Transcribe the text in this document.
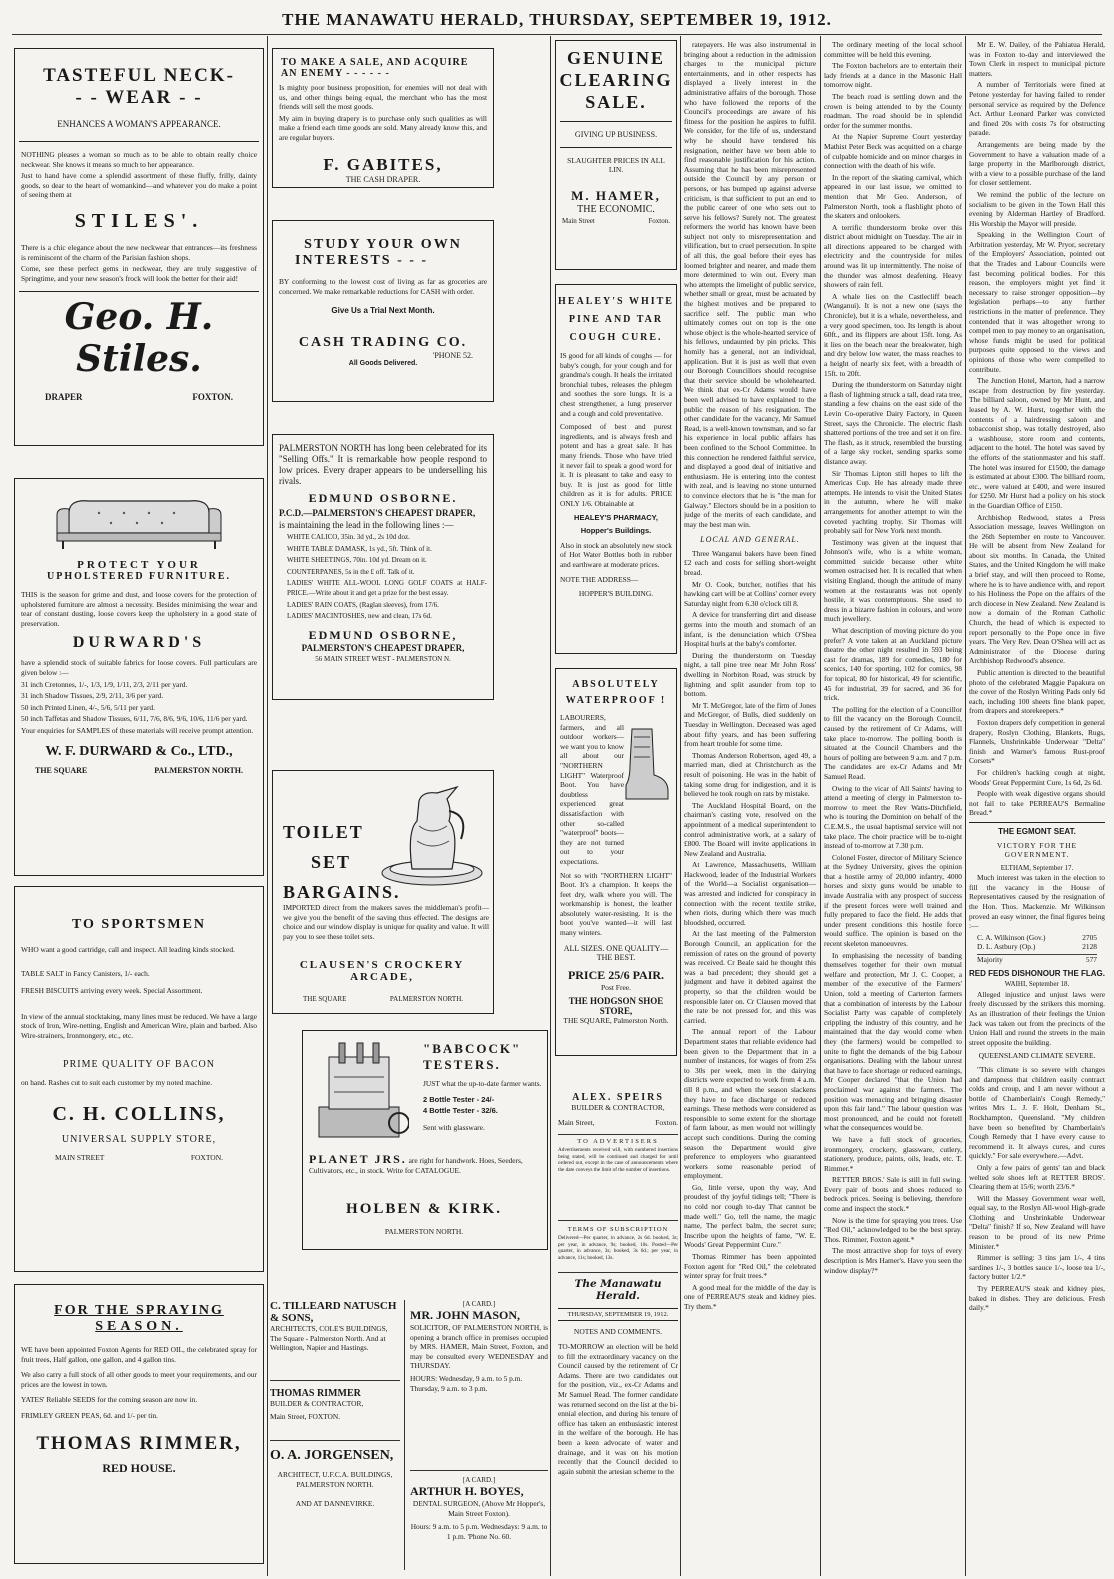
THE MANAWATU HERALD, THURSDAY, SEPTEMBER 19, 1912.
TASTEFUL NECK-
- - WEAR - -
ENHANCES A WOMAN'S APPEARANCE.
NOTHING pleases a woman so much as to be able to obtain really choice neckwear. She knows it means so much to her appearance.
Just to hand have come a splendid assortment of these fluffy, frilly, dainty goods, so dear to the heart of womankind—and whatever you do make a point of seeing them at
STILES'.
There is a chic elegance about the new neckwear that entrances—its freshness is reminiscent of the charm of the Parisian fashion shops.
Come, see these perfect gems in neckwear, they are truly suggestive of Springtime, and your new season's frock will look the better for their aid!
Geo. H. Stiles.
DRAPER	FOXTON.
PROTECT YOUR
UPHOLSTERED FURNITURE.
THIS is the season for grime and dust, and loose covers for the protection of upholstered furniture are almost a necessity. Besides minimising the wear and tear of constant dusting, loose covers keep the upholstery in a good state of preservation.
DURWARD'S
have a splendid stock of suitable fabrics for loose covers. Full particulars are given below :—
31 inch Cretonnes, 1/-, 1/3, 1/9, 1/11, 2/3, 2/11 per yard.
31 inch Shadow Tissues, 2/9, 2/11, 3/6 per yard.
50 inch Printed Linen, 4/-, 5/6, 5/11 per yard.
50 inch Taffetas and Shadow Tissues, 6/11, 7/6, 8/6, 9/6, 10/6, 11/6 per yard.
Your enquiries for SAMPLES of these materials will receive prompt attention.
W. F. DURWARD & Co., LTD.,
THE SQUARE	PALMERSTON NORTH.
TO SPORTSMEN
WHO want a good cartridge, call and inspect. All leading kinds stocked.
TABLE SALT in Fancy Canisters, 1/- each.
FRESH BISCUITS arriving every week. Special Assortment.
In view of the annual stocktaking, many lines must be reduced. We have a large stock of Iron, Wire-netting, English and American Wire, plain and barbed. Also Wire-strainers, Ironmongery, etc., etc.
PRIME QUALITY OF BACON
on hand. Rashes cut to suit each customer by my noted machine.
C. H. COLLINS,
UNIVERSAL SUPPLY STORE,
MAIN STREET	FOXTON.
FOR THE SPRAYING
SEASON.
WE have been appointed Foxton Agents for RED OIL, the celebrated spray for fruit trees, Half gallon, one gallon, and 4 gallon tins.
We also carry a full stock of all other goods to meet your requirements, and our prices are the lowest in town.
YATES' Reliable SEEDS for the coming season are now in.
FRIMLEY GREEN PEAS, 6d. and 1/- per tin.
THOMAS RIMMER,
RED HOUSE.
TO MAKE A SALE, AND ACQUIRE AN ENEMY - - - - - -
Is mighty poor business proposition, for enemies will not deal with us, and other things being equal, the merchant who has the most friends will sell the most goods.
My aim in buying drapery is to purchase only such qualities as will make a friend each time goods are sold. Many already know this, and are regular buyers.
F. GABITES,
THE CASH DRAPER.
STUDY YOUR OWN
INTERESTS - - -
BY conforming to the lowest cost of living as far as groceries are concerned. We make remarkable reductions for CASH with order.
Give Us a Trial Next Month.
CASH TRADING CO.
'PHONE 52.
All Goods Delivered.
PALMERSTON NORTH has long been celebrated for its "Selling Offs." It is remarkable how people respond to low prices. Every draper appears to be underselling his rivals.
EDMUND OSBORNE.
P.C.D.—PALMERSTON'S CHEAPEST DRAPER,
is maintaining the lead in the following lines :—
WHITE CALICO, 35in. 3d yd., 2s 10d doz.
WHITE TABLE DAMASK, 1s yd., 5ft. Think of it.
WHITE SHEETINGS, 70in. 10d yd. Dream on it.
COUNTERPANES, 5s in the £ off. Talk of it.
LADIES' WHITE ALL-WOOL LONG GOLF COATS at HALF-PRICE.—Write about it and get a prize for the best essay.
LADIES' RAIN COATS, (Raglan sleeves), from 17/6.
LADIES' MACINTOSHES, new and clean, 17s 6d.
EDMUND OSBORNE,
PALMERSTON'S CHEAPEST DRAPER,
56 MAIN STREET WEST - PALMERSTON N.
TOILET
SET
BARGAINS.
IMPORTED direct from the makers saves the middleman's profit—we give you the benefit of the saving thus effected. The designs are choice and our window display is unique for quality and value. It will pay you to see these toilet sets.
CLAUSEN'S CROCKERY ARCADE,
THE SQUARE	PALMERSTON NORTH.
"BABCOCK" TESTERS.
JUST what the up-to-date farmer wants.
2 Bottle Tester - 24/-
4 Bottle Tester - 32/6.
Sent with glassware.
PLANET JRS. are right for handwork. Hoes, Seeders, Cultivators, etc., in stock. Write for CATALOGUE.
HOLBEN & KIRK.
PALMERSTON NORTH.
C. TILLEARD NATUSCH & SONS,
ARCHITECTS, COLE'S BUILDINGS, The Square - Palmerston North. And at Wellington, Napier and Hastings.
THOMAS RIMMER
BUILDER & CONTRACTOR,
Main Street, FOXTON.
O. A. JORGENSEN,
ARCHITECT, U.F.C.A. BUILDINGS, PALMERSTON NORTH.
AND AT DANNEVIRKE.
[A CARD.]
MR. JOHN MASON,
SOLICITOR, OF PALMERSTON NORTH, is opening a branch office in premises occupied by MRS. HAMER, Main Street, Foxton, and may be consulted every WEDNESDAY and THURSDAY.
HOURS: Wednesday, 9 a.m. to 5 p.m. Thursday, 9 a.m. to 3 p.m.
[A CARD.]
ARTHUR H. BOYES,
DENTAL SURGEON, (Above Mr Hopper's, Main Street Foxton).
Hours: 9 a.m. to 5 p.m. Wednesdays: 9 a.m. to 1 p.m. 'Phone No. 60.
GENUINE CLEARING SALE.
GIVING UP BUSINESS.
SLAUGHTER PRICES IN ALL LIN.
M. HAMER,
THE ECONOMIC.
Main Street	Foxton.
HEALEY'S WHITE PINE AND TAR COUGH CURE.
IS good for all kinds of coughs — for baby's cough, for your cough and for grandma's cough. It heals the irritated bronchial tubes, releases the phlegm and soothes the sore lungs. It is a chest strengthener, a lung preserver and a cough and cold preventative.
Composed of best and purest ingredients, and is always fresh and potent and has a great sale. It has many friends. Those who have tried it never fail to speak a good word for it. It is pleasant to take and easy to buy. It is just as good for little children as it is for adults. PRICE ONLY 1/6. Obtainable at
HEALEY'S PHARMACY,
Hopper's Buildings.
Also in stock an absolutely new stock of Hot Water Bottles both in rubber and earthware at moderate prices.
NOTE THE ADDRESS—
HOPPER'S BUILDING.
ABSOLUTELY WATERPROOF !
LABOURERS, farmers, and all outdoor workers—we want you to know all about our "NORTHERN LIGHT" Waterproof Boot. You have doubtless experienced great dissatisfaction with other so-called "waterproof" boots—they are not turned out to your expectations.
Not so with "NORTHERN LIGHT" Boot. It's a champion. It keeps the feet dry, walk where you will. The workmanship is honest, the leather absolutely water-resisting. It is the boot you've wanted—it will last many winters.
ALL SIZES. ONE QUALITY—THE BEST.
PRICE 25/6 PAIR.
Post Free.
THE HODGSON SHOE STORE,
THE SQUARE, Palmerston North.
ALEX. SPEIRS
BUILDER & CONTRACTOR,
Main Street,	Foxton.
TO ADVERTISERS
Advertisements received will, with numbered insertions being stated, will be continued and charged for until ordered out, except in the case of announcements where the date conveys the limit of the number of insertions.
TERMS OF SUBSCRIPTION
Delivered—Per quarter, in advance, 2s 6d. booked, 3s; per year, in advance, 9s; booked, 10s. Posted—Per quarter, in advance, 3s; booked, 3s 6d.; per year, in advance, 11s; booked, 13s.
The Manawatu Herald.
THURSDAY, SEPTEMBER 19, 1912.
NOTES AND COMMENTS.
TO-MORROW an election will be held to fill the extraordinary vacancy on the Council caused by the retirement of Cr Adams. There are two candidates out for the position, viz., ex-Cr Adams and Mr Samuel Read. The former candidate was returned second on the list at the bi-ennial election, and during his tenure of office has taken an enthusiastic interest in the welfare of the borough. He has been a keen advocate of water and drainage, and it was on his motion recently that the Council decided to again submit the artesian scheme to the

ratepayers. He was also instrumental in bringing about a reduction in the admission charges to the municipal picture entertainments, and in other respects has displayed a lively interest in the administrative affairs of the borough. Those who have followed the reports of the Council's proceedings are aware of his fitness for the position he aspires to fulfil. We consider, for the life of us, understand why he should have tendered his resignation, neither have we been able to find reasonable justification for his action. Assuming that he has been misrepresented outside the Council by any person or persons, or has bumped up against adverse criticism, is that sufficient to put an end to the public career of one who sets out to serve his fellows? Surely not. The greatest reformers the world has known have been subject not only to misrepresentation and vilification, but to cruel persecution. In spite of all this, the goal before their eyes has loomed brighter and nearer, and made them more determined to win out. Every man who attempts the limelight of public service, whether small or great, must be actuated by the highest motives and be prepared to sacrifice self. The public man who ultimately comes out on top is the one whose object is the whole-hearted service of his fellows, undaunted by pin pricks. This homily has a general, not an individual, application. But it is just as well that even our Borough Councillors should recognise that their service should be wholehearted. We think that ex-Cr Adams would have been well advised to have explained to the public the reason of his resignation. The other candidate for the vacancy, Mr Samuel Read, is a well-known townsman, and so far his experience in local public affairs has been confined to the School Committee. In this connection he rendered faithful service, and displayed a good deal of initiative and enthusiasm. He is entering into the contest with zeal, and is leaving no stone unturned to convince electors that he is "the man for Galway." Electors should be in a position to judge of the merits of each candidate, and may the best man win.

LOCAL AND GENERAL.

Three Wanganui bakers have been fined £2 each and costs for selling short-weight bread.

Mr O. Cook, butcher, notifies that his hawking cart will be at Collins' corner every Saturday night from 6.30 o'clock till 8.

A device for transferring dirt and disease germs into the mouth and stomach of an infant, is the denunciation which O'Shea Hospital hurls at the baby's comforter.

During the thunderstorm on Tuesday night, a tall pine tree near Mr John Ross' dwelling in Norbiton Road, was struck by lightning and split asunder from top to bottom.

Mr T. McGregor, late of the firm of Jones and McGregor, of Bulls, died suddenly on Tuesday in Wellington. Deceased was aged about fifty years, and has been suffering from heart trouble for some time.

Thomas Anderson Robertson, aged 49, a married man, died at Christchurch as the result of poisoning. He was in the habit of taking some drug for indigestion, and it is believed he took rough on rats by mistake.

The Auckland Hospital Board, on the chairman's casting vote, resolved on the appointment of a medical superintendent to control administrative work, at a salary of £800. The Board will invite applications in New Zealand and Australia.

At Lawrence, Massachusetts, William Hackwood, leader of the Industrial Workers of the World—a Socialist organisation—was arrested and indicted for conspiracy in connection with the recent textile strike, when riots, during which there was much bloodshed, occurred.

At the last meeting of the Palmerston Borough Council, an application for the remission of rates on the ground of poverty was received. Cr Beale said he thought this was a bad precedent; they should get a judgment and have it debited against the property, so that the children would be responsible later on. Cr Clausen moved that the rate be not pressed for, and this was carried.

The annual report of the Labour Department states that reliable evidence had been given to the Department that in a number of instances, for wages of from 25s to 30s per week, men in the dairying districts were expected to work from 4 a.m. till 8 p.m., and when the season slackens they have to face discharge or reduced earnings. These methods were considered as responsible to some extent for the shortage of farm labour, as men would not willingly accept such conditions. During the coming season the Department would give preference to employers who guaranteed workers some reasonable period of employment.

Go, little verse, upon thy way, And proudest of thy joyful tidings tell; "There is no cold nor cough to-day That cannot be made well." Go, tell the name, the magic name, The perfect balm, the secret sure; Inscribe upon the heights of fame, "W. E. Woods' Great Peppermint Cure."

Thomas Rimmer has been appointed Foxton agent for "Red Oil," the celebrated winter spray for fruit trees.*

A good meal for the middle of the day is one of PERREAU'S steak and kidney pies. Try them.*

The ordinary meeting of the local school committee will be held this evening.

The Foxton bachelors are to entertain their lady friends at a dance in the Masonic Hall tomorrow night.

The beach road is settling down and the crown is being attended to by the County roadman. The road should be in splendid order for the summer months.

At the Napier Supreme Court yesterday Mathist Peter Beck was acquitted on a charge of culpable homicide and on minor charges in connection with the death of his wife.

In the report of the skating carnival, which appeared in our last issue, we omitted to mention that Mr Geo. Anderson, of Palmerston North, took a flashlight photo of the skaters and onlookers.

A terrific thunderstorm broke over this district about midnight on Tuesday. The air in all directions appeared to be charged with electricity and the countryside for miles around was lit up intermittently. The noise of the thunder was almost deafening. Heavy showers of rain fell.

A whale lies on the Castlecliff beach (Wanganui). It is not a new one (says the Chronicle), but it is a whale, nevertheless, and a very good specimen, too. Its length is about 60ft., and its flippers are about 15ft. long. As it lies on the beach near the breakwater, high and dry below low water, the mass reaches to a height of nearly six feet, with a breadth of 15ft. to 20ft.

During the thunderstorm on Saturday night a flash of lightning struck a tall, dead rata tree, standing a few chains on the east side of the Levin Co-operative Dairy Factory, in Queen Street, says the Chronicle. The electric flash shattered portions of the tree and set it on fire. The flash, as it struck, resembled the bursting of a large sky rocket, sending sparks some distance away.

Sir Thomas Lipton still hopes to lift the Americas Cup. He has already made three attempts. He intends to visit the United States in the autumn, where he will make arrangements for another attempt to win the coveted yachting trophy. Sir Thomas will probably sail for New York next month.

Testimony was given at the inquest that Johnson's wife, who is a white woman, committed suicide because other white women ostracised her. It is recalled that when visiting England, though the attitude of many women at the restaurants was not openly hostile, it was contemptuous. She used to dress in a bizarre fashion in colours, and wore much jewellery.

What description of moving picture do you prefer? A vote taken at an Auckland picture theatre the other night resulted in 593 being cast for dramas, 189 for comedies, 180 for scenics, 140 for sporting, 102 for comics, 98 for topical, 80 for historical, 49 for scientific, 45 for industrial, 39 for sacred, and 36 for trick.

The polling for the election of a Councillor to fill the vacancy on the Borough Council, caused by the retirement of Cr Adams, will take place to-morrow. The polling booth is situated at the Council Chambers and the hours of polling are between 9 a.m. and 7 p.m. The candidates are ex-Cr Adams and Mr Samuel Read.

Owing to the vicar of All Saints' having to attend a meeting of clergy in Palmerston to-morrow to meet the Rev Watts-Ditchfield, who is touring the Dominion on behalf of the C.E.M.S., the usual baptismal service will not take place. The choir practice will be to-night instead of to-morrow at 7.30 p.m.

Colonel Foster, director of Military Science at the Sydney University, gives the opinion that a hostile army of 20,000 infantry, 4000 horses and sixty guns would be unable to invade Australia with any prospect of success if the present forces were well trained and fully prepared to face the field. He adds that under present conditions this hostile force would suffice. The opinion is based on the recent skeleton manoeuvres.

In emphasising the necessity of banding themselves together for their own mutual welfare and protection, Mr J. C. Cooper, a member of the executive of the Farmers' Union, told a meeting of Carterton farmers that a combination of interests by the Labour Socialist Party was capable of completely crippling the industry of this country, and he maintained that the day would come when they (the farmers) would be compelled to unite to fight the demands of the big Labour organisations. Dealing with the labour unrest that have to face shortage or reduced earnings, Mr Cooper declared "that the Union had proclaimed war against the farmers. The position was menacing and bringing disaster upon this fair land." The labour question was most pronounced, and he could not foretell what the consequences would be.

We have a full stock of groceries, ironmongery, crockery, glassware, cutlery, stationery, produce, paints, oils, leads, etc. T. Rimmer.*

RETTER BROS.' Sale is still in full swing. Every pair of boots and shoes reduced to bedrock prices. Seeing is believing, therefore come and inspect the stock.*

Now is the time for spraying you trees. Use "Red Oil," acknowledged to be the best spray. Thos. Rimmer, Foxton agent.*

The most attractive shop for toys of every description is Mrs Hamer's. Have you seen the window display?*

Mr E. W. Dailey, of the Pahiatua Herald, was in Foxton to-day and interviewed the Town Clerk in respect to municipal picture matters.

A number of Territorials were fined at Petone yesterday for having failed to render personal service as required by the Defence Act. Arthur Leonard Parker was convicted and fined 20s with costs 7s for obstructing parade.

Arrangements are being made by the Government to have a valuation made of a large property in the Marlborough district, with a view to a possible purchase of the land for closer settlement.

We remind the public of the lecture on socialism to be given in the Town Hall this evening by Alderman Hartley of Bradford. His Worship the Mayor will preside.

Speaking in the Wellington Court of Arbitration yesterday, Mr W. Pryor, secretary of the Employers' Association, pointed out that the Trades and Labour Councils were fast becoming political bodies. For this reason, the employers might yet find it necessary to raise stronger opposition—by legislation perhaps—to any further restrictions in the matter of preference. They contended that it was altogether wrong to compel men to pay money to an organisation, whose funds might be used for political purposes quite opposed to the views and opinions of those who were compelled to contribute.

The Junction Hotel, Marton, had a narrow escape from destruction by fire yesterday. The billiard saloon, owned by Mr Hunt, and leased by A. W. Hurst, together with the contents of a hairdressing saloon and tobacconist shop, was totally destroyed, also a washhouse, store room and contents, adjacent to the hotel. The hotel was saved by the efforts of the stationmaster and his staff. The hotel was insured for £1500, the damage is estimated at about £300. The billiard room, etc., were valued at £400, and were insured for £250. Mr Hurst had a policy on his stock in the Guardian Office of £150.

Archbishop Redwood, states a Press Association message, leaves Wellington on the 26th September en route to Vancouver. He will be absent from New Zealand for about six months. In Canada, the United States, and the United Kingdom he will make a brief stay, and will then proceed to Rome, where he is to have audience with, and report to his Holiness the Pope on the affairs of the arch diocese in New Zealand. New Zealand is now a domain of the Roman Catholic Church, the head of which is expected to report personally to the Pope once in five years. The Very Rev. Dean O'Shea will act as Administrator of the Diocese during Archbishop Redwood's absence.

Public attention is directed to the beautiful photo of the celebrated Maggie Papakura on the cover of the Roslyn Writing Pads only 6d each, including 100 sheets fine blank paper, from drapers and storekeepers.*

Foxton drapers defy competition in general drapery, Roslyn Clothing, Blankets, Rugs, Flannels, Unshrinkable Underwear "Delta" finish and Warner's famous Rust-proof Corsets*

For children's hacking cough at night, Woods' Great Peppermint Cure, 1s 6d, 2s 6d.

People with weak digestive organs should not fail to take PERREAU'S Bermaline Bread.*

THE EGMONT SEAT.
VICTORY FOR THE GOVERNMENT.
ELTHAM, September 17.

Much interest was taken in the election to fill the vacancy in the House of Representatives caused by the resignation of the Hon. Thos. Mackenzie. Mr Wilkinson proved an easy winner, the final figures being :—

C. A. Wilkinson (Gov.)	2705
D. L. Astbury (Op.)	2128
Majority	577
RED FEDS DISHONOUR THE FLAG.
WAIHI, September 18.

Alleged injustice and unjust laws were freely discussed by the strikers this morning. As an illustration of their feelings the Union Jack was taken out from the precincts of the Union Hall and round the streets in the main street opposite the building.

QUEENSLAND CLIMATE SEVERE.

"This climate is so severe with changes and dampness that children easily contract colds and croup, and I am never without a bottle of Chamberlain's Cough Remedy," writes Mrs L. J. F. Holt, Denham St., Rockhampton, Queensland. "My children have been so benefited by Chamberlain's Cough Remedy that I have every cause to recommend it. It always cures, and cures quickly." For sale everywhere.—Advt.

Only a few pairs of gents' tan and black welted sole shoes left at RETTER BROS'. Clearing them at 15/6; worth 23/6.*

Will the Massey Government wear well, equal say, to the Roslyn All-wool High-grade Clothing and Unshrinkable Underwear "Delta" finish? If so, New Zealand will have reason to be proud of its new Prime Minister.*

Rimmer is selling: 3 tins jam 1/-, 4 tins sardines 1/-, 3 bottles sauce 1/-, loose tea 1/-, factory butter 1/2.*

Try PERREAU'S steak and kidney pies, baked in dishes. They are delicious. Fresh daily.*
